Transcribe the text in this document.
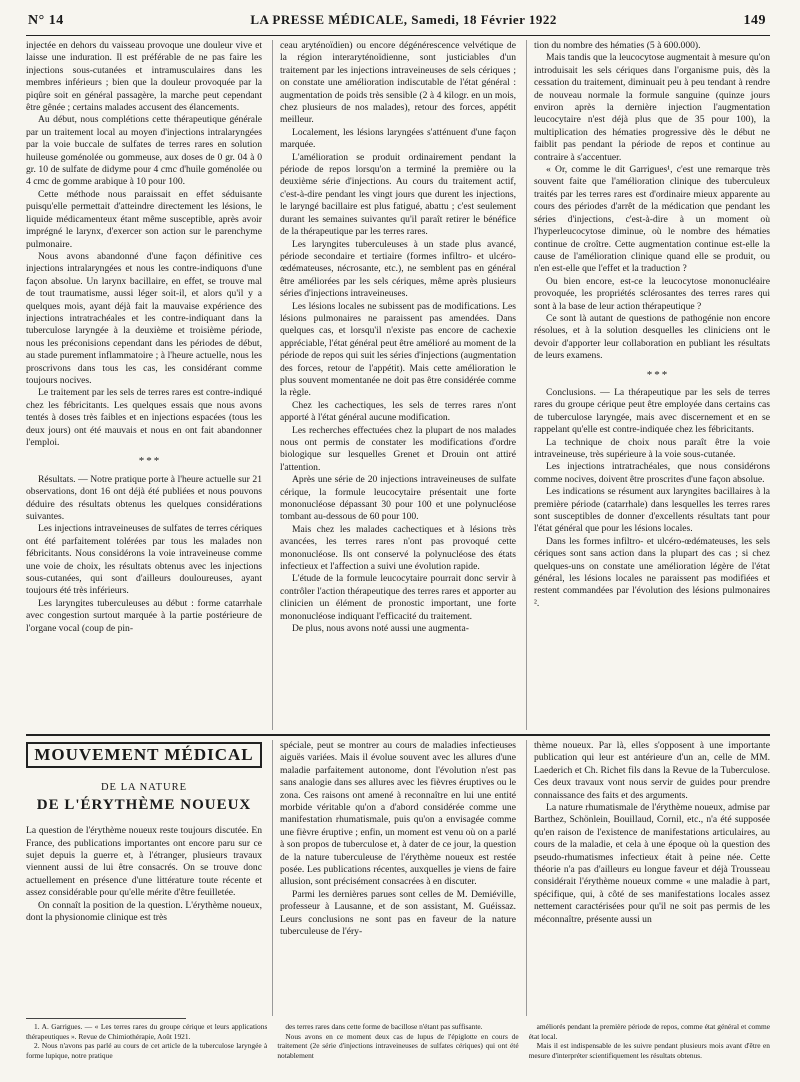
N° 14	LA PRESSE MÉDICALE, Samedi, 18 Février 1922	149

injectée en dehors du vaisseau provoque une douleur vive et laisse une induration. Il est préférable de ne pas faire les injections sous-cutanées et intramusculaires dans les membres inférieurs ; bien que la douleur provoquée par la piqûre soit en général passagère, la marche peut cependant être gênée ; certains malades accusent des élancements.

Au début, nous complétions cette thérapeutique générale par un traitement local au moyen d'injections intralaryngées par la voie buccale de sulfates de terres rares en solution huileuse goménolée ou gommeuse, aux doses de 0 gr. 04 à 0 gr. 10 de sulfate de didyme pour 4 cmc d'huile goménolée ou 4 cmc de gomme arabique à 10 pour 100.

Cette méthode nous paraissait en effet séduisante puisqu'elle permettait d'atteindre directement les lésions, le liquide médicamenteux étant même susceptible, après avoir imprégné le larynx, d'exercer son action sur le parenchyme pulmonaire.

Nous avons abandonné d'une façon définitive ces injections intralaryngées et nous les contre-indiquons d'une façon absolue. Un larynx bacillaire, en effet, se trouve mal de tout traumatisme, aussi léger soit-il, et alors qu'il y a quelques mois, ayant déjà fait la mauvaise expérience des injections intratrachéales et les contre-indiquant dans la tuberculose laryngée à la deuxième et troisième période, nous les préconisions cependant dans les périodes de début, au stade purement inflammatoire ; à l'heure actuelle, nous les proscrivons dans tous les cas, les considérant comme toujours nocives.

Le traitement par les sels de terres rares est contre-indiqué chez les fébricitants. Les quelques essais que nous avons tentés à doses très faibles et en injections espacées (tous les deux jours) ont été mauvais et nous en ont fait abandonner l'emploi.

***

Résultats. — Notre pratique porte à l'heure actuelle sur 21 observations, dont 16 ont déjà été publiées et nous pouvons déduire des résultats obtenus les quelques considérations suivantes.

Les injections intraveineuses de sulfates de terres cériques ont été parfaitement tolérées par tous les malades non fébricitants. Nous considérons la voie intraveineuse comme une voie de choix, les résultats obtenus avec les injections sous-cutanées, qui sont d'ailleurs douloureuses, ayant toujours été très inférieurs.

Les laryngites tuberculeuses au début : forme catarrhale avec congestion surtout marquée à la partie postérieure de l'organe vocal (coup de pin-

ceau aryténoïdien) ou encore dégénérescence velvétique de la région interaryténoïdienne, sont justiciables d'un traitement par les injections intraveineuses de sels cériques ; on constate une amélioration indiscutable de l'état général : augmentation de poids très sensible (2 à 4 kilogr. en un mois, chez plusieurs de nos malades), retour des forces, appétit meilleur.

Localement, les lésions laryngées s'atténuent d'une façon marquée.

L'amélioration se produit ordinairement pendant la période de repos lorsqu'on a terminé la première ou la deuxième série d'injections. Au cours du traitement actif, c'est-à-dire pendant les vingt jours que durent les injections, le laryngé bacillaire est plus fatigué, abattu ; c'est seulement durant les semaines suivantes qu'il paraît retirer le bénéfice de la thérapeutique par les terres rares.

Les laryngites tuberculeuses à un stade plus avancé, période secondaire et tertiaire (formes infiltro- et ulcéro-œdémateuses, nécrosante, etc.), ne semblent pas en général être améliorées par les sels cériques, même après plusieurs séries d'injections intraveineuses.

Les lésions locales ne subissent pas de modifications. Les lésions pulmonaires ne paraissent pas amendées. Dans quelques cas, et lorsqu'il n'existe pas encore de cachexie appréciable, l'état général peut être amélioré au moment de la période de repos qui suit les séries d'injections (augmentation des forces, retour de l'appétit). Mais cette amélioration le plus souvent momentanée ne doit pas être considérée comme la règle.

Chez les cachectiques, les sels de terres rares n'ont apporté à l'état général aucune modification.

Les recherches effectuées chez la plupart de nos malades nous ont permis de constater les modifications d'ordre biologique sur lesquelles Grenet et Drouin ont attiré l'attention.

Après une série de 20 injections intraveineuses de sulfate cérique, la formule leucocytaire présentait une forte mononucléose dépassant 30 pour 100 et une polynucléose tombant au-dessous de 60 pour 100.

Mais chez les malades cachectiques et à lésions très avancées, les terres rares n'ont pas provoqué cette mononucléose. Ils ont conservé la polynucléose des états infectieux et l'affection a suivi une évolution rapide.

L'étude de la formule leucocytaire pourrait donc servir à contrôler l'action thérapeutique des terres rares et apporter au clinicien un élément de pronostic important, une forte mononucléose indiquant l'efficacité du traitement.

De plus, nous avons noté aussi une augmenta-

tion du nombre des hématies (5 à 600.000).

Mais tandis que la leucocytose augmentait à mesure qu'on introduisait les sels cériques dans l'organisme puis, dès la cessation du traitement, diminuait peu à peu tendant à rendre de nouveau normale la formule sanguine (quinze jours environ après la dernière injection l'augmentation leucocytaire n'est déjà plus que de 35 pour 100), la multiplication des hématies progressive dès le début ne faiblit pas pendant la période de repos et continue au contraire à s'accentuer.

« Or, comme le dit Garrigues¹, c'est une remarque très souvent faite que l'amélioration clinique des tuberculeux traités par les terres rares est d'ordinaire mieux apparente au cours des périodes d'arrêt de la médication que pendant les séries d'injections, c'est-à-dire à un moment où l'hyperleucocytose diminue, où le nombre des hématies continue de croître. Cette augmentation continue est-elle la cause de l'amélioration clinique quand elle se produit, ou n'en est-elle que l'effet et la traduction ?

Ou bien encore, est-ce la leucocytose mononucléaire provoquée, les propriétés sclérosantes des terres rares qui sont à la base de leur action thérapeutique ?

Ce sont là autant de questions de pathogénie non encore résolues, et à la solution desquelles les cliniciens ont le devoir d'apporter leur collaboration en publiant les résultats de leurs examens.

***

Conclusions. — La thérapeutique par les sels de terres rares du groupe cérique peut être employée dans certains cas de tuberculose laryngée, mais avec discernement et en se rappelant qu'elle est contre-indiquée chez les fébricitants.

La technique de choix nous paraît être la voie intraveineuse, très supérieure à la voie sous-cutanée.

Les injections intratrachéales, que nous considérons comme nocives, doivent être proscrites d'une façon absolue.

Les indications se résument aux laryngites bacillaires à la première période (catarrhale) dans lesquelles les terres rares sont susceptibles de donner d'excellents résultats tant pour l'état général que pour les lésions locales.

Dans les formes infiltro- et ulcéro-œdémateuses, les sels cériques sont sans action dans la plupart des cas ; si chez quelques-uns on constate une amélioration légère de l'état général, les lésions locales ne paraissent pas modifiées et restent commandées par l'évolution des lésions pulmonaires ².

MOUVEMENT MÉDICAL
DE LA NATURE
DE L'ÉRYTHÈME NOUEUX

La question de l'érythème noueux reste toujours discutée. En France, des publications importantes ont encore paru sur ce sujet depuis la guerre et, à l'étranger, plusieurs travaux viennent aussi de lui être consacrés. On se trouve donc actuellement en présence d'une littérature toute récente et assez considérable pour qu'elle mérite d'être feuilletée.

On connaît la position de la question. L'érythème noueux, dont la physionomie clinique est très

spéciale, peut se montrer au cours de maladies infectieuses aiguës variées. Mais il évolue souvent avec les allures d'une maladie parfaitement autonome, dont l'évolution n'est pas sans analogie dans ses allures avec les fièvres éruptives ou le zona. Ces raisons ont amené à reconnaître en lui une entité morbide véritable qu'on a d'abord considérée comme une manifestation rhumatismale, puis qu'on a envisagée comme une fièvre éruptive ; enfin, un moment est venu où on a parlé à son propos de tuberculose et, à dater de ce jour, la question de la nature tuberculeuse de l'érythème noueux est restée posée. Les publications récentes, auxquelles je viens de faire allusion, sont précisément consacrées à en discuter.

Parmi les dernières parues sont celles de M. Demiéville, professeur à Lausanne, et de son assistant, M. Guéissaz. Leurs conclusions ne sont pas en faveur de la nature tuberculeuse de l'éry-

thème noueux. Par là, elles s'opposent à une importante publication qui leur est antérieure d'un an, celle de MM. Laederich et Ch. Richet fils dans la Revue de la Tuberculose. Ces deux travaux vont nous servir de guides pour prendre connaissance des faits et des arguments.

La nature rhumatismale de l'érythème noueux, admise par Barthez, Schönlein, Bouillaud, Cornil, etc., n'a été supposée qu'en raison de l'existence de manifestations articulaires, au cours de la maladie, et cela à une époque où la question des pseudo-rhumatismes infectieux était à peine née. Cette théorie n'a pas d'ailleurs eu longue faveur et déjà Trousseau considérait l'érythème noueux comme « une maladie à part, spécifique, qui, à côté de ses manifestations locales assez nettement caractérisées pour qu'il ne soit pas permis de les méconnaître, présente aussi un

1. A. Garrigues. — « Les terres rares du groupe cérique et leurs applications thérapeutiques ». Revue de Chimiothérapie, Août 1921.

2. Nous n'avons pas parlé au cours de cet article de la tuberculose laryngée à forme lupique, notre pratique

des terres rares dans cette forme de bacillose n'étant pas suffisante.

Nous avons en ce moment deux cas de lupus de l'épiglotte en cours de traitement (2e série d'injections intraveineuses de sulfates cériques) qui ont été notablement

améliorés pendant la première période de repos, comme état général et comme état local.

Mais il est indispensable de les suivre pendant plusieurs mois avant d'être en mesure d'interpréter scientifiquement les résultats obtenus.
